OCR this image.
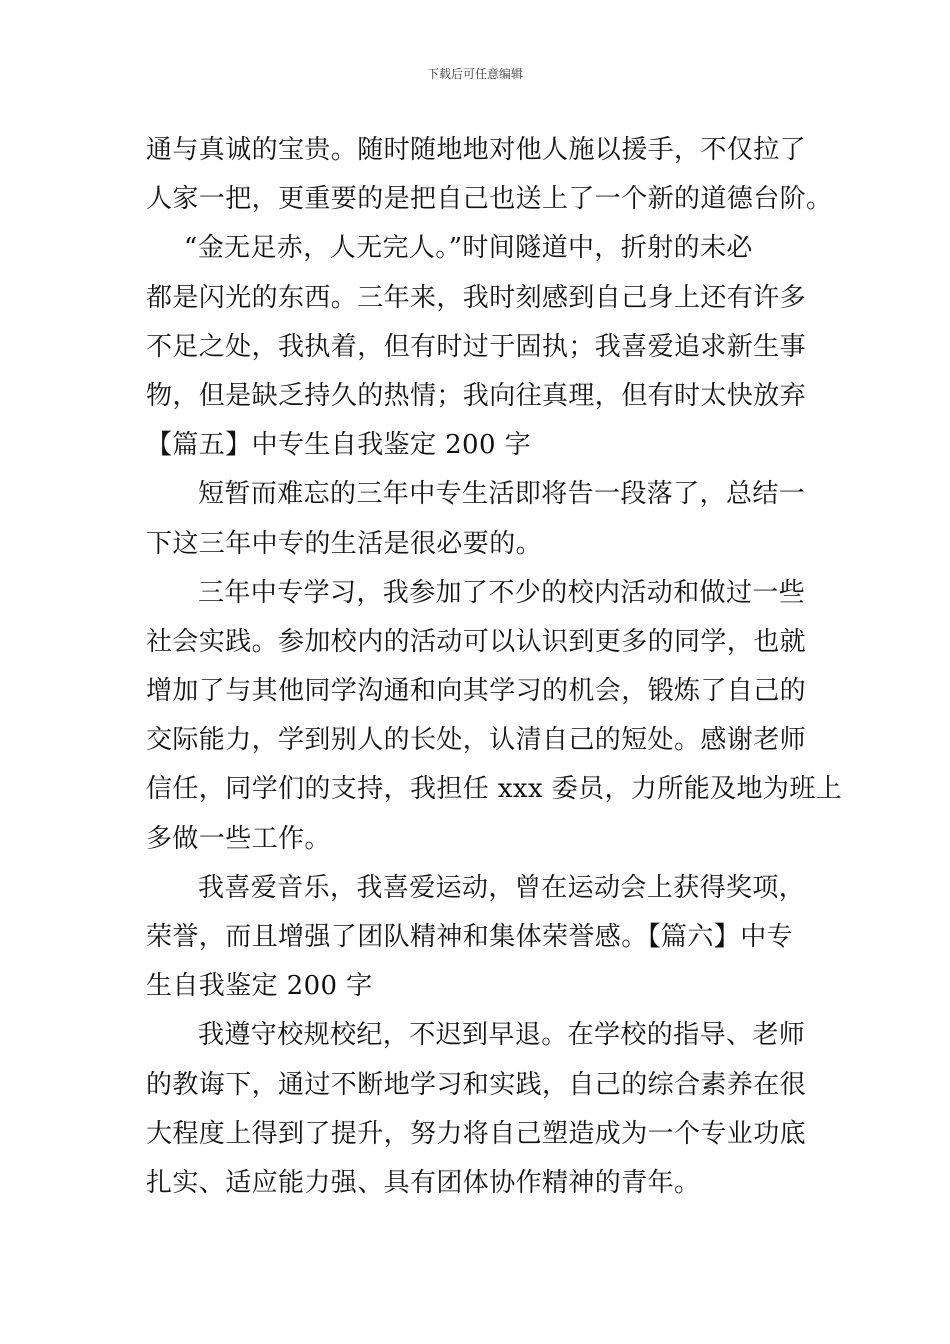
下载后可任意编辑
通与真诚的宝贵。随时随地地对他人施以援手，不仅拉了
人家一把，更重要的是把自己也送上了一个新的道德台阶。
“金无足赤，人无完人。”时间隧道中，折射的未必
都是闪光的东西。三年来，我时刻感到自己身上还有许多
不足之处，我执着，但有时过于固执；我喜爱追求新生事
物，但是缺乏持久的热情；我向往真理，但有时太快放弃
【篇五】中专生自我鉴定 200 字
短暂而难忘的三年中专生活即将告一段落了，总结一
下这三年中专的生活是很必要的。
三年中专学习，我参加了不少的校内活动和做过一些
社会实践。参加校内的活动可以认识到更多的同学，也就
增加了与其他同学沟通和向其学习的机会，锻炼了自己的
交际能力，学到别人的长处，认清自己的短处。感谢老师
信任，同学们的支持，我担任 xxx 委员，力所能及地为班上
多做一些工作。
我喜爱音乐，我喜爱运动，曾在运动会上获得奖项，
荣誉，而且增强了团队精神和集体荣誉感。【篇六】中专
生自我鉴定 200 字
我遵守校规校纪，不迟到早退。在学校的指导、老师
的教诲下，通过不断地学习和实践，自己的综合素养在很
大程度上得到了提升，努力将自己塑造成为一个专业功底
扎实、适应能力强、具有团体协作精神的青年。
